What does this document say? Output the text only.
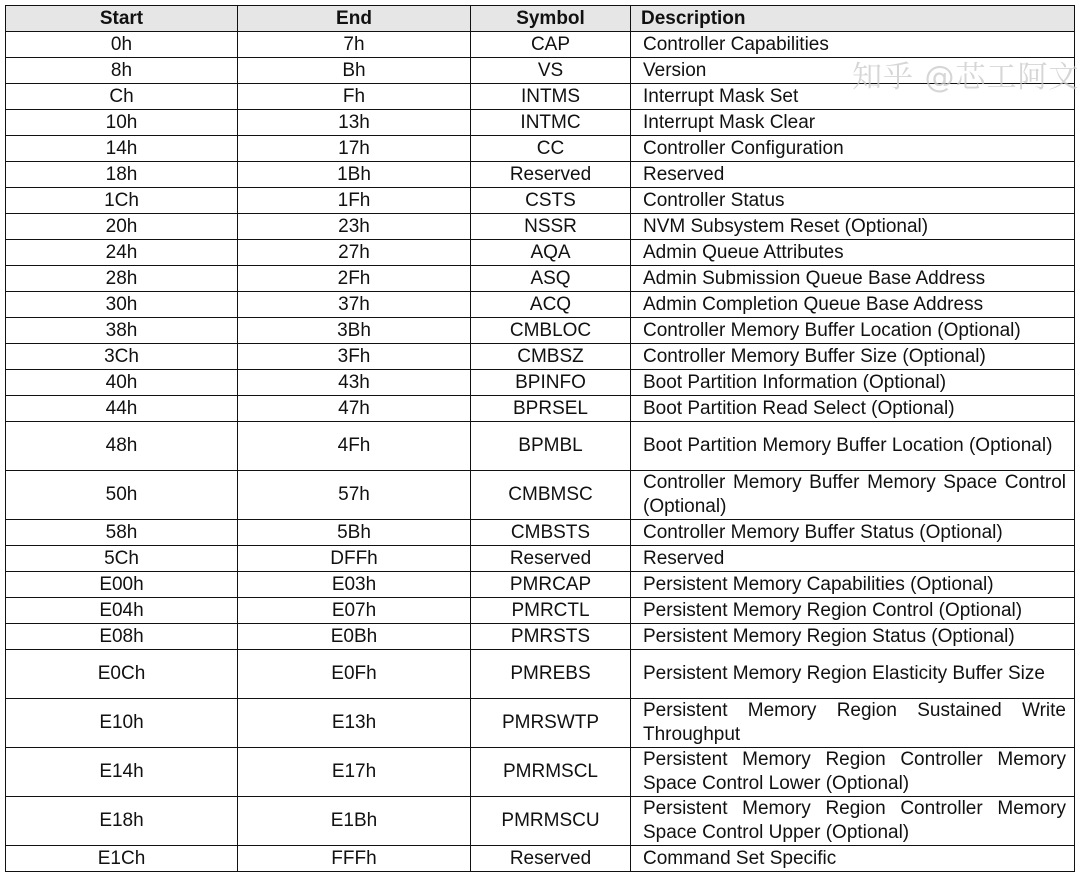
Start	End	Symbol	Description
0h	7h	CAP	Controller Capabilities
8h	Bh	VS	Version
Ch	Fh	INTMS	Interrupt Mask Set
10h	13h	INTMC	Interrupt Mask Clear
14h	17h	CC	Controller Configuration
18h	1Bh	Reserved	Reserved
1Ch	1Fh	CSTS	Controller Status
20h	23h	NSSR	NVM Subsystem Reset (Optional)
24h	27h	AQA	Admin Queue Attributes
28h	2Fh	ASQ	Admin Submission Queue Base Address
30h	37h	ACQ	Admin Completion Queue Base Address
38h	3Bh	CMBLOC	Controller Memory Buffer Location (Optional)
3Ch	3Fh	CMBSZ	Controller Memory Buffer Size (Optional)
40h	43h	BPINFO	Boot Partition Information (Optional)
44h	47h	BPRSEL	Boot Partition Read Select (Optional)
48h	4Fh	BPMBL	Boot Partition Memory Buffer Location (Optional)
50h	57h	CMBMSC	Controller Memory Buffer Memory Space Control (Optional)
58h	5Bh	CMBSTS	Controller Memory Buffer Status (Optional)
5Ch	DFFh	Reserved	Reserved
E00h	E03h	PMRCAP	Persistent Memory Capabilities (Optional)
E04h	E07h	PMRCTL	Persistent Memory Region Control (Optional)
E08h	E0Bh	PMRSTS	Persistent Memory Region Status (Optional)
E0Ch	E0Fh	PMREBS	Persistent Memory Region Elasticity Buffer Size
E10h	E13h	PMRSWTP	Persistent Memory Region Sustained Write Throughput
E14h	E17h	PMRMSCL	Persistent Memory Region Controller Memory Space Control Lower (Optional)
E18h	E1Bh	PMRMSCU	Persistent Memory Region Controller Memory Space Control Upper (Optional)
E1Ch	FFFh	Reserved	Command Set Specific
知乎 @芯工阿文
